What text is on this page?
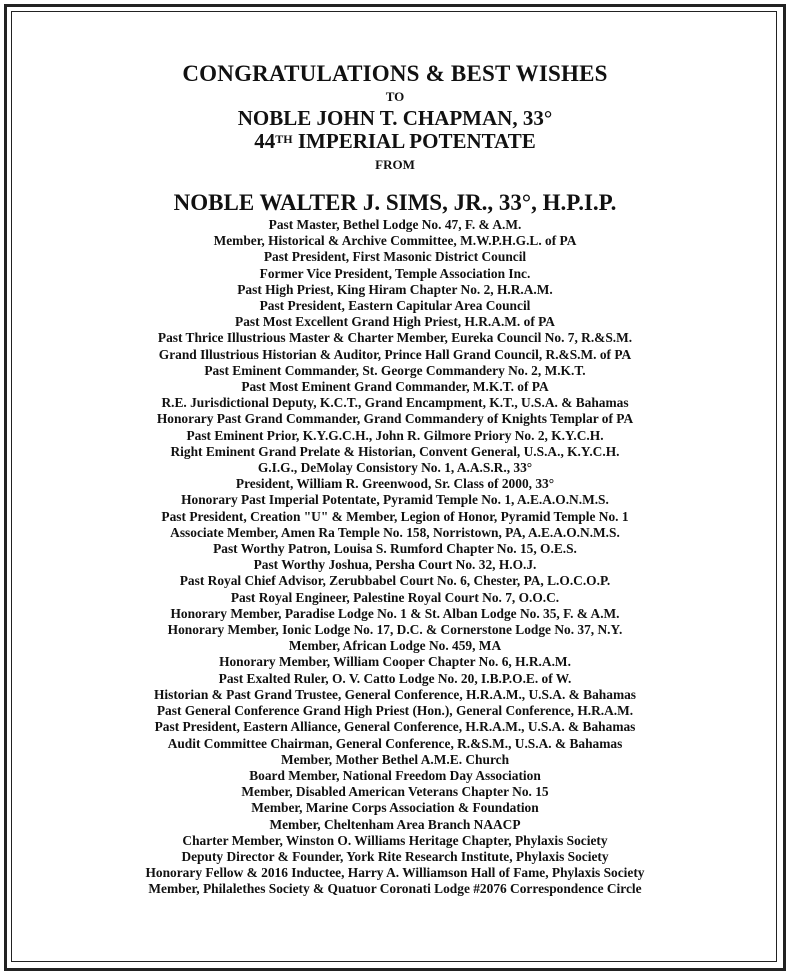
CONGRATULATIONS & BEST WISHES
TO
NOBLE JOHN T. CHAPMAN, 33°
44TH IMPERIAL POTENTATE
FROM
NOBLE WALTER J. SIMS, JR., 33°, H.P.I.P.
Past Master, Bethel Lodge No. 47, F. & A.M.
Member, Historical & Archive Committee, M.W.P.H.G.L. of PA
Past President, First Masonic District Council
Former Vice President, Temple Association Inc.
Past High Priest, King Hiram Chapter No. 2, H.R.A.M.
Past President, Eastern Capitular Area Council
Past Most Excellent Grand High Priest, H.R.A.M. of PA
Past Thrice Illustrious Master & Charter Member, Eureka Council No. 7, R.&S.M.
Grand Illustrious Historian & Auditor, Prince Hall Grand Council, R.&S.M. of PA
Past Eminent Commander, St. George Commandery No. 2, M.K.T.
Past Most Eminent Grand Commander, M.K.T. of PA
R.E. Jurisdictional Deputy, K.C.T., Grand Encampment, K.T., U.S.A. & Bahamas
Honorary Past Grand Commander, Grand Commandery of Knights Templar of PA
Past Eminent Prior, K.Y.G.C.H., John R. Gilmore Priory No. 2, K.Y.C.H.
Right Eminent Grand Prelate & Historian, Convent General, U.S.A., K.Y.C.H.
G.I.G., DeMolay Consistory No. 1, A.A.S.R., 33°
President, William R. Greenwood, Sr. Class of 2000, 33°
Honorary Past Imperial Potentate, Pyramid Temple No. 1, A.E.A.O.N.M.S.
Past President, Creation "U" & Member, Legion of Honor, Pyramid Temple No. 1
Associate Member, Amen Ra Temple No. 158, Norristown, PA, A.E.A.O.N.M.S.
Past Worthy Patron, Louisa S. Rumford Chapter No. 15, O.E.S.
Past Worthy Joshua, Persha Court No. 32, H.O.J.
Past Royal Chief Advisor, Zerubbabel Court No. 6, Chester, PA, L.O.C.O.P.
Past Royal Engineer, Palestine Royal Court No. 7, O.O.C.
Honorary Member, Paradise Lodge No. 1 & St. Alban Lodge No. 35, F. & A.M.
Honorary Member, Ionic Lodge No. 17, D.C. & Cornerstone Lodge No. 37, N.Y.
Member, African Lodge No. 459, MA
Honorary Member, William Cooper Chapter No. 6, H.R.A.M.
Past Exalted Ruler, O. V. Catto Lodge No. 20, I.B.P.O.E. of W.
Historian & Past Grand Trustee, General Conference, H.R.A.M., U.S.A. & Bahamas
Past General Conference Grand High Priest (Hon.), General Conference, H.R.A.M.
Past President, Eastern Alliance, General Conference, H.R.A.M., U.S.A. & Bahamas
Audit Committee Chairman, General Conference, R.&S.M., U.S.A. & Bahamas
Member, Mother Bethel A.M.E. Church
Board Member, National Freedom Day Association
Member, Disabled American Veterans Chapter No. 15
Member, Marine Corps Association & Foundation
Member, Cheltenham Area Branch NAACP
Charter Member, Winston O. Williams Heritage Chapter, Phylaxis Society
Deputy Director & Founder, York Rite Research Institute, Phylaxis Society
Honorary Fellow & 2016 Inductee, Harry A. Williamson Hall of Fame, Phylaxis Society
Member, Philalethes Society & Quatuor Coronati Lodge #2076 Correspondence Circle
